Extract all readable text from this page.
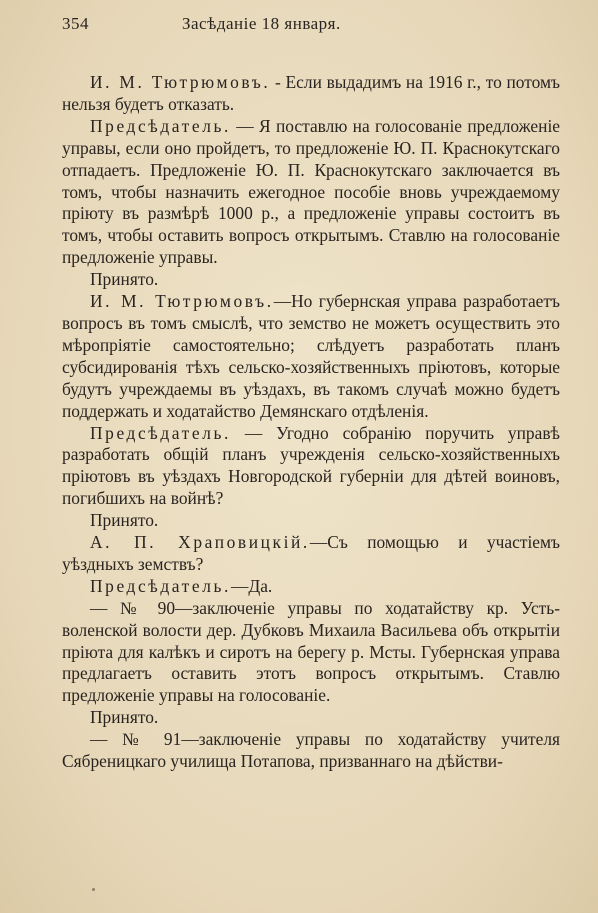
354	Засѣданіе 18 января.

И. М. Тютрюмовъ. - Если выдадимъ на 1916 г., то потомъ нельзя будетъ отказать.

Предсѣдатель. — Я поставлю на голосованіе предложеніе управы, если оно пройдетъ, то предложеніе Ю. П. Краснокутскаго отпадаетъ. Предложеніе Ю. П. Краснокутскаго заключается въ томъ, чтобы назначить ежегодное пособіе вновь учреждаемому пріюту въ размѣрѣ 1000 р., а предложеніе управы состоитъ въ томъ, чтобы оставить вопросъ открытымъ. Ставлю на голосованіе предложеніе управы.

Принято.

И. М. Тютрюмовъ.—Но губернская управа разработаетъ вопросъ въ томъ смыслѣ, что земство не можетъ осуществить это мѣропріятіе самостоятельно; слѣдуетъ разработать планъ субсидированія тѣхъ сельско-хозяйственныхъ пріютовъ, которые будутъ учреждаемы въ уѣздахъ, въ такомъ случаѣ можно будетъ поддержать и ходатайство Демянскаго отдѣленія.

Предсѣдатель. — Угодно собранію поручить управѣ разработать общій планъ учрежденія сельско-хозяйственныхъ пріютовъ въ уѣздахъ Новгородской губерніи для дѣтей воиновъ, погибшихъ на войнѣ?

Принято.

А. П. Храповицкій.—Съ помощью и участіемъ уѣздныхъ земствъ?

Предсѣдатель.—Да.

— № 90—заключеніе управы по ходатайству кр. Усть-воленской волости дер. Дубковъ Михаила Васильева объ открытіи пріюта для калѣкъ и сиротъ на берегу р. Мсты. Губернская управа предлагаетъ оставить этотъ вопросъ открытымъ. Ставлю предложеніе управы на голосованіе.

Принято.

— № 91—заключеніе управы по ходатайству учителя Сябреницкаго училища Потапова, призваннаго на дѣйстви-
